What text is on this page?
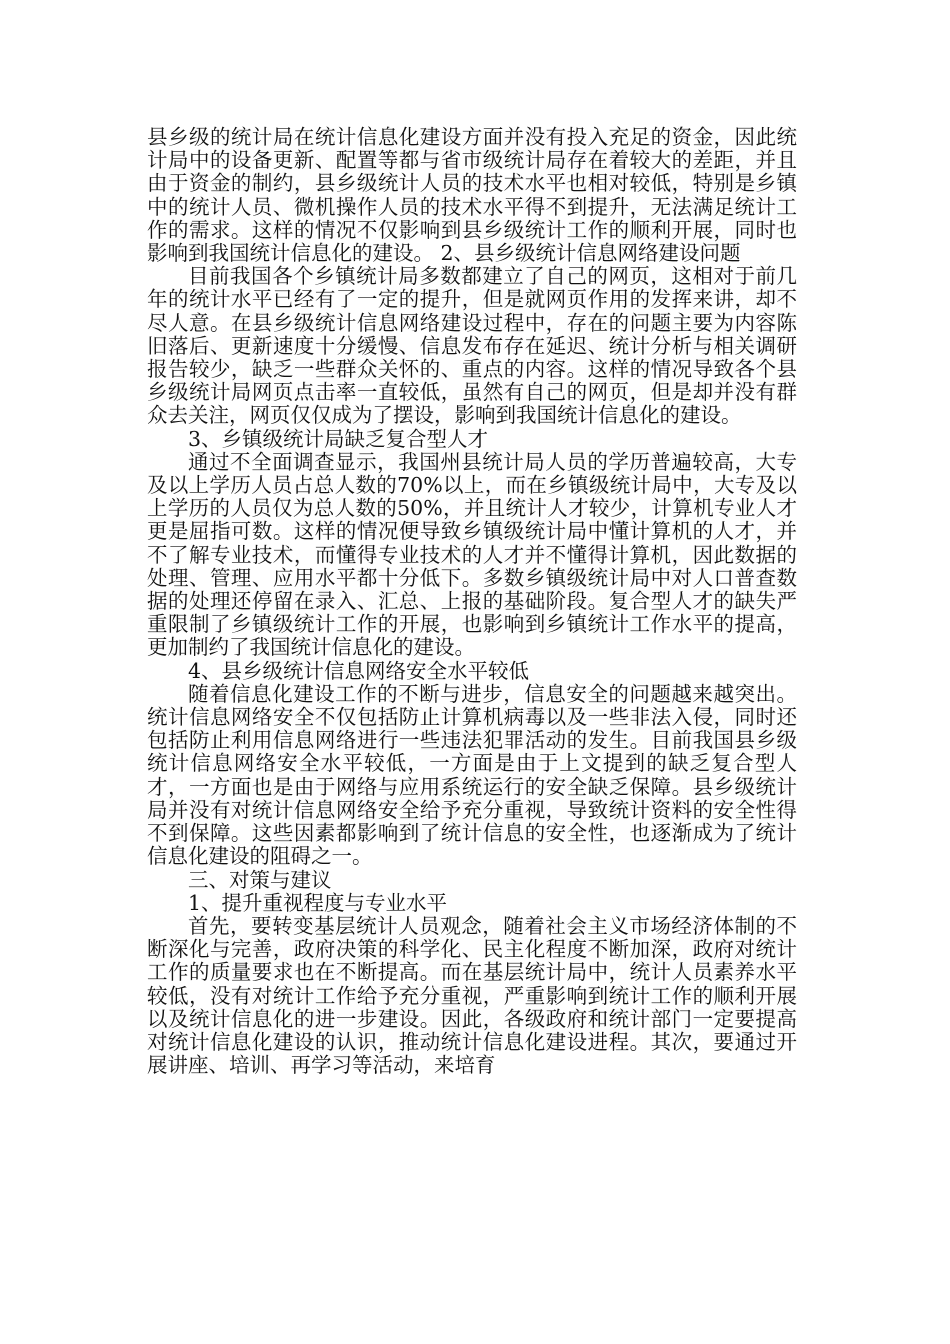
县乡级的统计局在统计信息化建设方面并没有投入充足的资金，因此统计局中的设备更新、配置等都与省市级统计局存在着较大的差距，并且由于资金的制约，县乡级统计人员的技术水平也相对较低，特别是乡镇中的统计人员、微机操作人员的技术水平得不到提升，无法满足统计工作的需求。这样的情况不仅影响到县乡级统计工作的顺利开展，同时也影响到我国统计信息化的建设。 2、县乡级统计信息网络建设问题

目前我国各个乡镇统计局多数都建立了自己的网页，这相对于前几年的统计水平已经有了一定的提升，但是就网页作用的发挥来讲，却不尽人意。在县乡级统计信息网络建设过程中，存在的问题主要为内容陈旧落后、更新速度十分缓慢、信息发布存在延迟、统计分析与相关调研报告较少，缺乏一些群众关怀的、重点的内容。这样的情况导致各个县乡级统计局网页点击率一直较低，虽然有自己的网页，但是却并没有群众去关注，网页仅仅成为了摆设，影响到我国统计信息化的建设。

3、乡镇级统计局缺乏复合型人才

通过不全面调查显示，我国州县统计局人员的学历普遍较高，大专及以上学历人员占总人数的70%以上，而在乡镇级统计局中，大专及以上学历的人员仅为总人数的50%，并且统计人才较少，计算机专业人才更是屈指可数。这样的情况便导致乡镇级统计局中懂计算机的人才，并不了解专业技术，而懂得专业技术的人才并不懂得计算机，因此数据的处理、管理、应用水平都十分低下。多数乡镇级统计局中对人口普查数据的处理还停留在录入、汇总、上报的基础阶段。复合型人才的缺失严重限制了乡镇级统计工作的开展，也影响到乡镇统计工作水平的提高，更加制约了我国统计信息化的建设。

4、县乡级统计信息网络安全水平较低

随着信息化建设工作的不断与进步，信息安全的问题越来越突出。统计信息网络安全不仅包括防止计算机病毒以及一些非法入侵，同时还包括防止利用信息网络进行一些违法犯罪活动的发生。目前我国县乡级统计信息网络安全水平较低，一方面是由于上文提到的缺乏复合型人才，一方面也是由于网络与应用系统运行的安全缺乏保障。县乡级统计局并没有对统计信息网络安全给予充分重视，导致统计资料的安全性得不到保障。这些因素都影响到了统计信息的安全性，也逐渐成为了统计信息化建设的阻碍之一。

三、对策与建议

1、提升重视程度与专业水平

首先，要转变基层统计人员观念，随着社会主义市场经济体制的不断深化与完善，政府决策的科学化、民主化程度不断加深，政府对统计工作的质量要求也在不断提高。而在基层统计局中，统计人员素养水平较低，没有对统计工作给予充分重视，严重影响到统计工作的顺利开展以及统计信息化的进一步建设。因此，各级政府和统计部门一定要提高对统计信息化建设的认识，推动统计信息化建设进程。其次，要通过开展讲座、培训、再学习等活动，来培育
